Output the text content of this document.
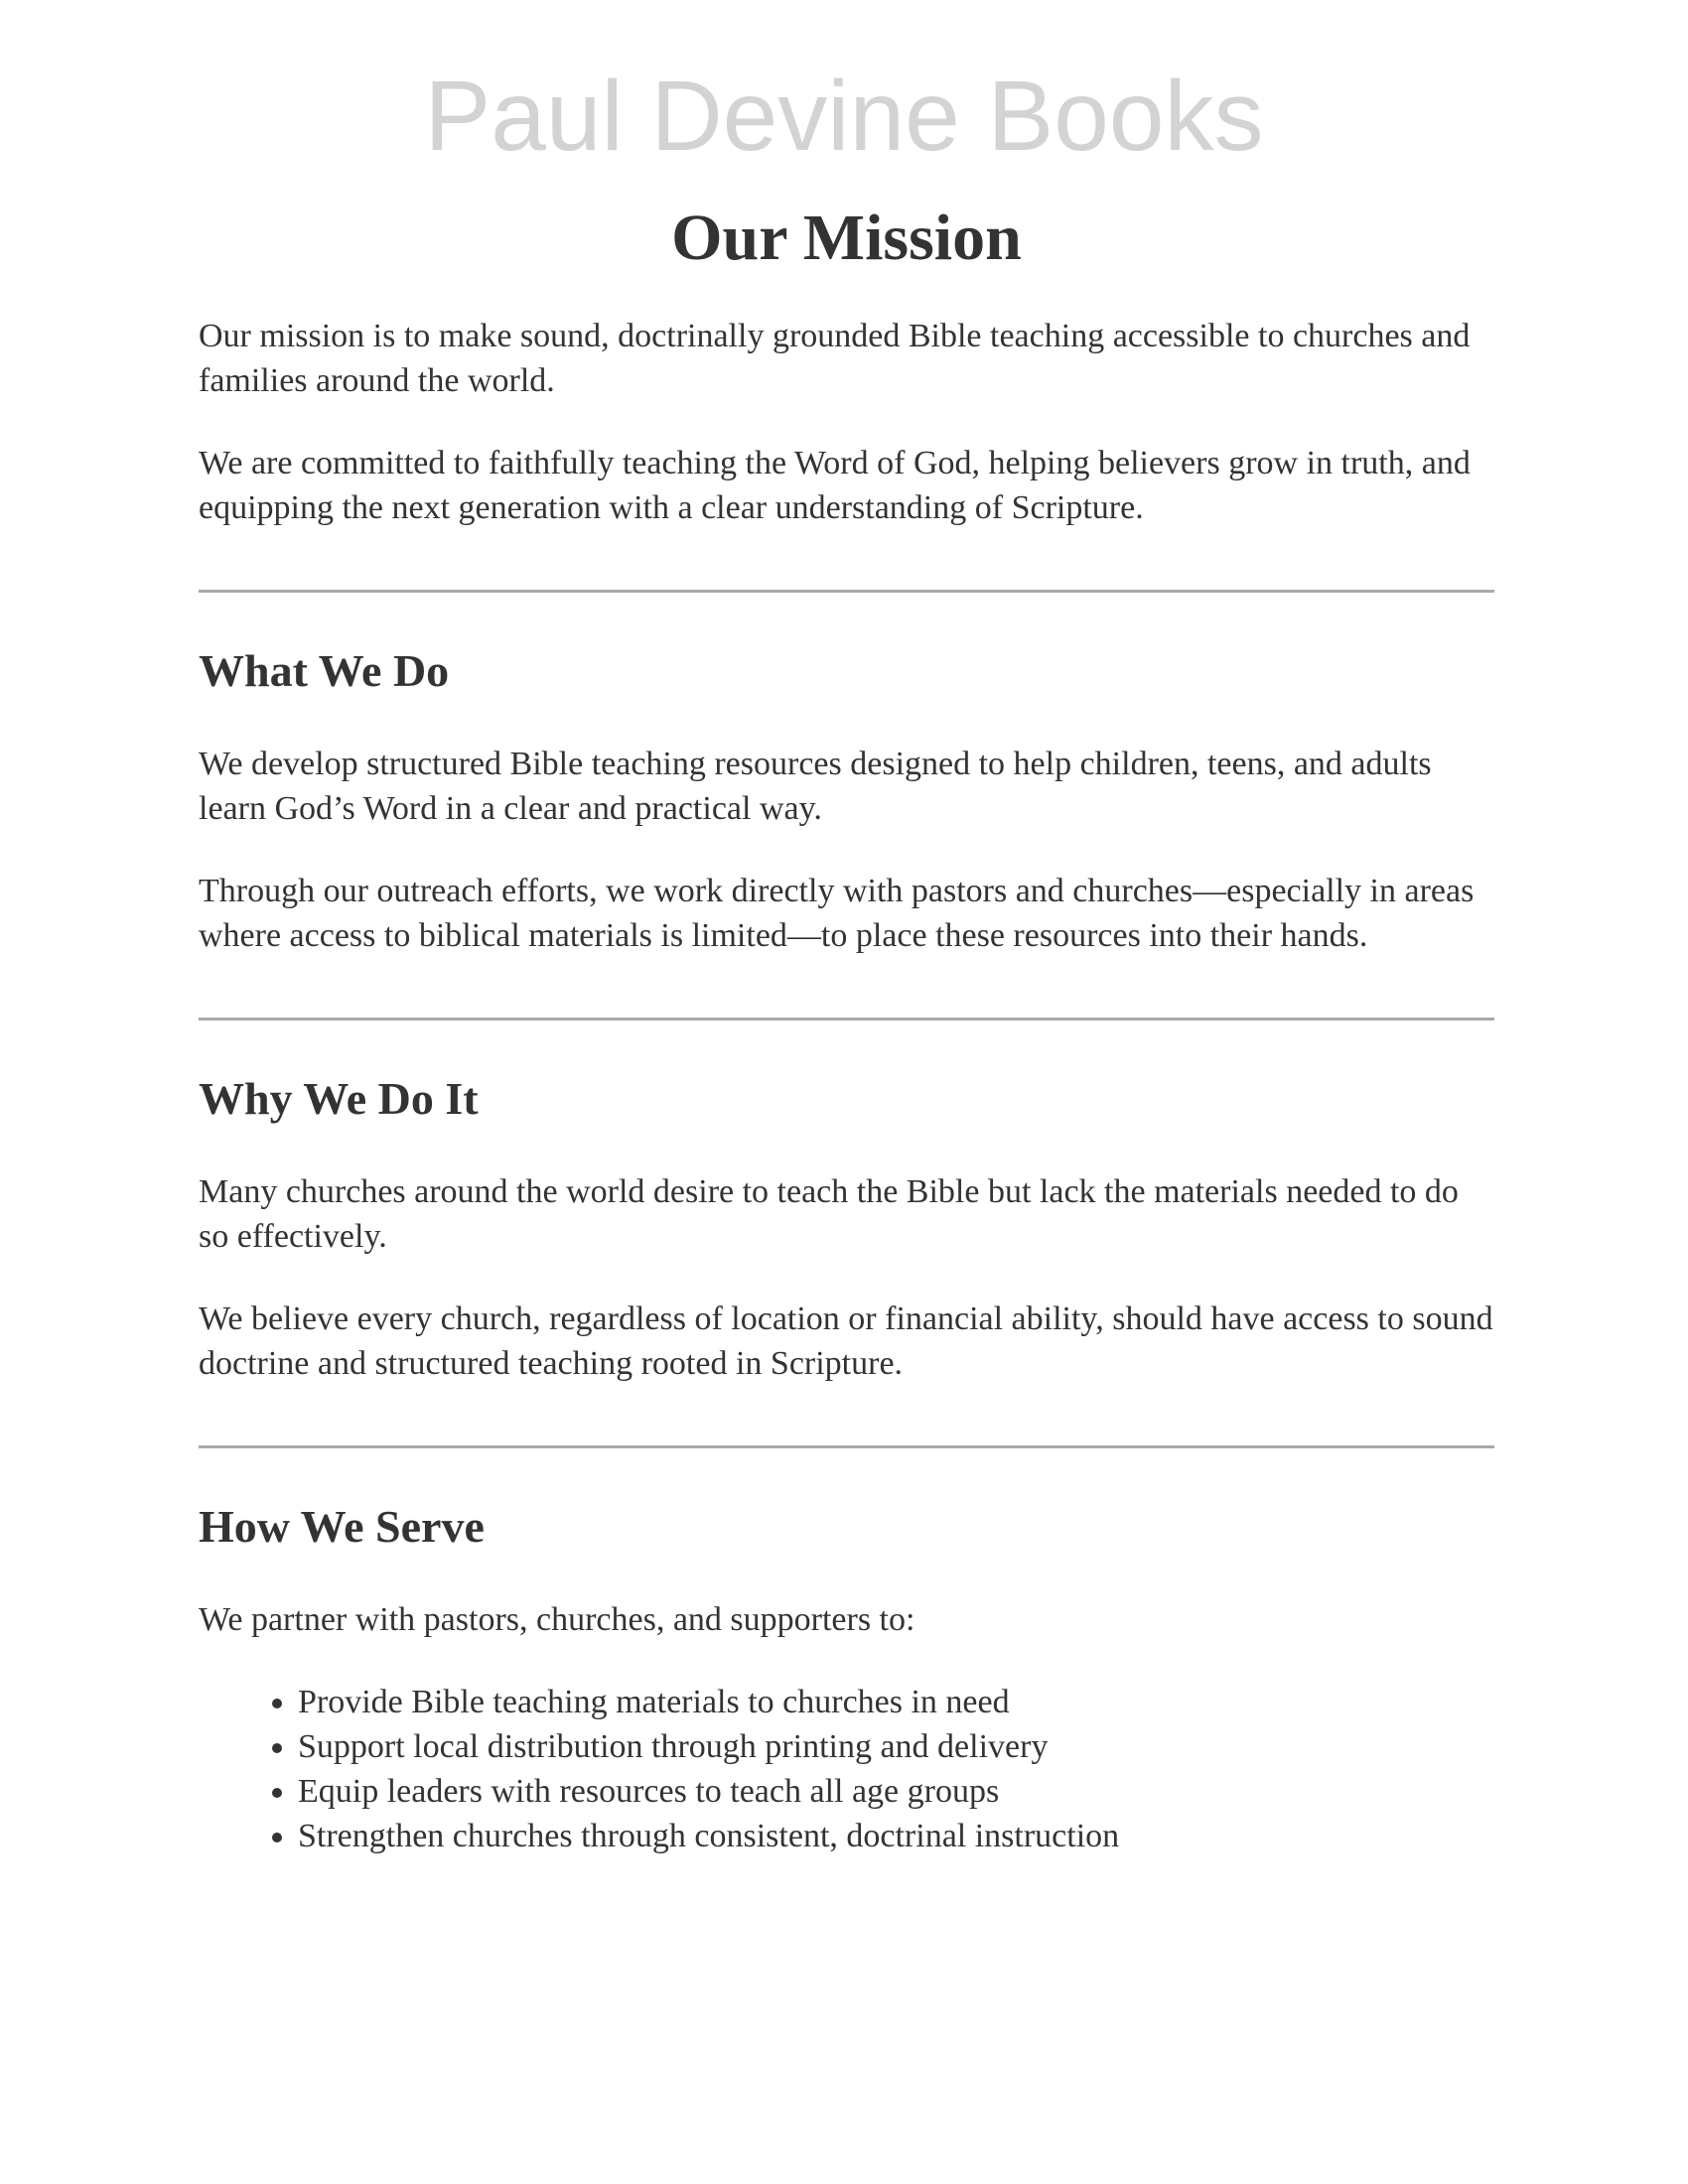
Paul Devine Books
Our Mission

Our mission is to make sound, doctrinally grounded Bible teaching accessible to churches and families around the world.

We are committed to faithfully teaching the Word of God, helping believers grow in truth, and equipping the next generation with a clear understanding of Scripture.

What We Do

We develop structured Bible teaching resources designed to help children, teens, and adults learn God’s Word in a clear and practical way.

Through our outreach efforts, we work directly with pastors and churches—especially in areas where access to biblical materials is limited—to place these resources into their hands.

Why We Do It

Many churches around the world desire to teach the Bible but lack the materials needed to do so effectively.

We believe every church, regardless of location or financial ability, should have access to sound doctrine and structured teaching rooted in Scripture.

How We Serve

We partner with pastors, churches, and supporters to:

• Provide Bible teaching materials to churches in need
• Support local distribution through printing and delivery
• Equip leaders with resources to teach all age groups
• Strengthen churches through consistent, doctrinal instruction
